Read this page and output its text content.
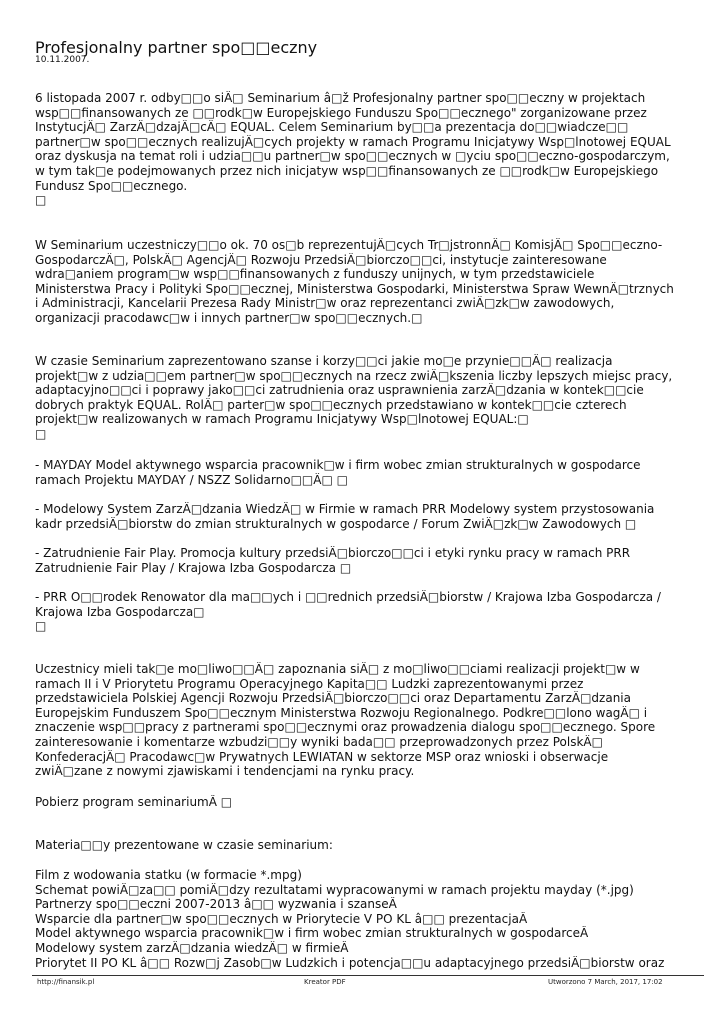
Profesjonalny partner spo□□eczny
10.11.2007.
6 listopada 2007 r. odby□□o siÄ□ Seminarium â□ž Profesjonalny partner spo□□eczny w projektach
wsp□□finansowanych ze □□rodk□w Europejskiego Funduszu Spo□□ecznego" zorganizowane przez
InstytucjÄ□ ZarzÄ□dzajÄ□cÄ□ EQUAL. Celem Seminarium by□□a prezentacja do□□wiadcze□□
partner□w spo□□ecznych realizujÄ□cych projekty w ramach Programu Inicjatywy Wsp□lnotowej EQUAL
oraz dyskusja na temat roli i udzia□□u partner□w spo□□ecznych w □yciu spo□□eczno-gospodarczym,
w tym tak□e podejmowanych przez nich inicjatyw wsp□□finansowanych ze □□rodk□w Europejskiego
Fundusz Spo□□ecznego.
□
W Seminarium uczestniczy□□o ok. 70 os□b reprezentujÄ□cych Tr□jstronnÄ□ KomisjÄ□ Spo□□eczno-
GospodarczÄ□, PolskÄ□ AgencjÄ□ Rozwoju PrzedsiÄ□biorczo□□ci, instytucje zainteresowane
wdra□aniem program□w wsp□□finansowanych z funduszy unijnych, w tym przedstawiciele
Ministerstwa Pracy i Polityki Spo□□ecznej, Ministerstwa Gospodarki, Ministerstwa Spraw WewnÄ□trznych
i Administracji, Kancelarii Prezesa Rady Ministr□w oraz reprezentanci zwiÄ□zk□w zawodowych,
organizacji pracodawc□w i innych partner□w spo□□ecznych.□
W czasie Seminarium zaprezentowano szanse i korzy□□ci jakie mo□e przynie□□Ä□ realizacja
projekt□w z udzia□□em partner□w spo□□ecznych na rzecz zwiÄ□kszenia liczby lepszych miejsc pracy,
adaptacyjno□□ci i poprawy jako□□ci zatrudnienia oraz usprawnienia zarzÄ□dzania w kontek□□cie
dobrych praktyk EQUAL. RolÄ□ parter□w spo□□ecznych przedstawiano w kontek□□cie czterech
projekt□w realizowanych w ramach Programu Inicjatywy Wsp□lnotowej EQUAL:□
□
- MAYDAY Model aktywnego wsparcia pracownik□w i firm wobec zmian strukturalnych w gospodarce
ramach Projektu MAYDAY / NSZZ Solidarno□□Ä□ □
- Modelowy System ZarzÄ□dzania WiedzÄ□ w Firmie w ramach PRR Modelowy system przystosowania
kadr przedsiÄ□biorstw do zmian strukturalnych w gospodarce / Forum ZwiÄ□zk□w Zawodowych □
- Zatrudnienie Fair Play. Promocja kultury przedsiÄ□biorczo□□ci i etyki rynku pracy w ramach PRR
Zatrudnienie Fair Play / Krajowa Izba Gospodarcza □
- PRR O□□rodek Renowator dla ma□□ych i □□rednich przedsiÄ□biorstw / Krajowa Izba Gospodarcza /
Krajowa Izba Gospodarcza□
□
Uczestnicy mieli tak□e mo□liwo□□Ä□ zapoznania siÄ□ z mo□liwo□□ciami realizacji projekt□w w
ramach II i V Priorytetu Programu Operacyjnego Kapita□□ Ludzki zaprezentowanymi przez
przedstawiciela Polskiej Agencji Rozwoju PrzedsiÄ□biorczo□□ci oraz Departamentu ZarzÄ□dzania
Europejskim Funduszem Spo□□ecznym Ministerstwa Rozwoju Regionalnego. Podkre□□lono wagÄ□ i
znaczenie wsp□□pracy z partnerami spo□□ecznymi oraz prowadzenia dialogu spo□□ecznego. Spore
zainteresowanie i komentarze wzbudzi□□y wyniki bada□□ przeprowadzonych przez PolskÄ□
KonfederacjÄ□ Pracodawc□w Prywatnych LEWIATAN w sektorze MSP oraz wnioski i obserwacje
zwiÄ□zane z nowymi zjawiskami i tendencjami na rynku pracy.
Pobierz program seminariumÂ □
Materia□□y prezentowane w czasie seminarium:
Film z wodowania statku (w formacie *.mpg)
Schemat powiÄ□za□□ pomiÄ□dzy rezultatami wypracowanymi w ramach projektu mayday (*.jpg)
Partnerzy spo□□eczni 2007-2013 â□□ wyzwania i szanseÂ
Wsparcie dla partner□w spo□□ecznych w Priorytecie V PO KL â□□ prezentacjaÂ
Model aktywnego wsparcia pracownik□w i firm wobec zmian strukturalnych w gospodarceÂ
Modelowy system zarzÄ□dzania wiedzÄ□ w firmieÂ
Priorytet II PO KL â□□ Rozw□j Zasob□w Ludzkich i potencja□□u adaptacyjnego przedsiÄ□biorstw oraz
http://finansik.pl	Kreator PDF	Utworzono 7 March, 2017, 17:02
